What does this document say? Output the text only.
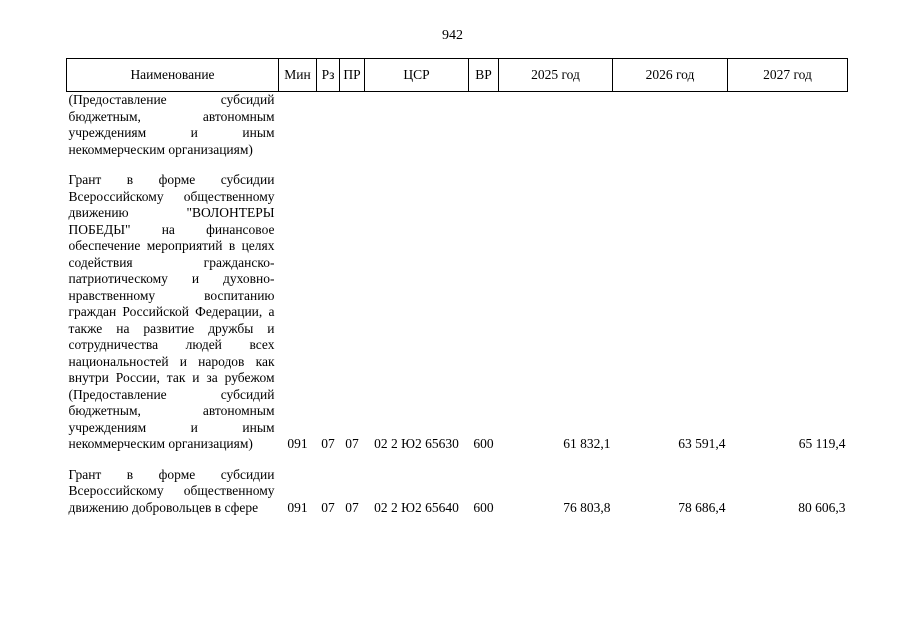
942
Наименование	Мин	Рз	ПР	ЦСР	ВР	2025 год	2026 год	2027 год

(Предоставление субсидий бюджетным, автономным учреждениям и иным некоммерческим организациям)								

Грант в форме субсидии Всероссийскому общественному движению "ВОЛОНТЕРЫ ПОБЕДЫ" на финансовое обеспечение мероприятий в целях содействия гражданско-патриотическому и духовно-нравственному воспитанию граждан Российской Федерации, а также на развитие дружбы и сотрудничества людей всех национальностей и народов как внутри России, так и за рубежом (Предоставление субсидий бюджетным, автономным учреждениям и иным некоммерческим организациям)	091	07	07	02 2 Ю2 65630	600	61 832,1	63 591,4	65 119,4

Грант в форме субсидии Всероссийскому общественному движению добровольцев в сфере	091	07	07	02 2 Ю2 65640	600	76 803,8	78 686,4	80 606,3
